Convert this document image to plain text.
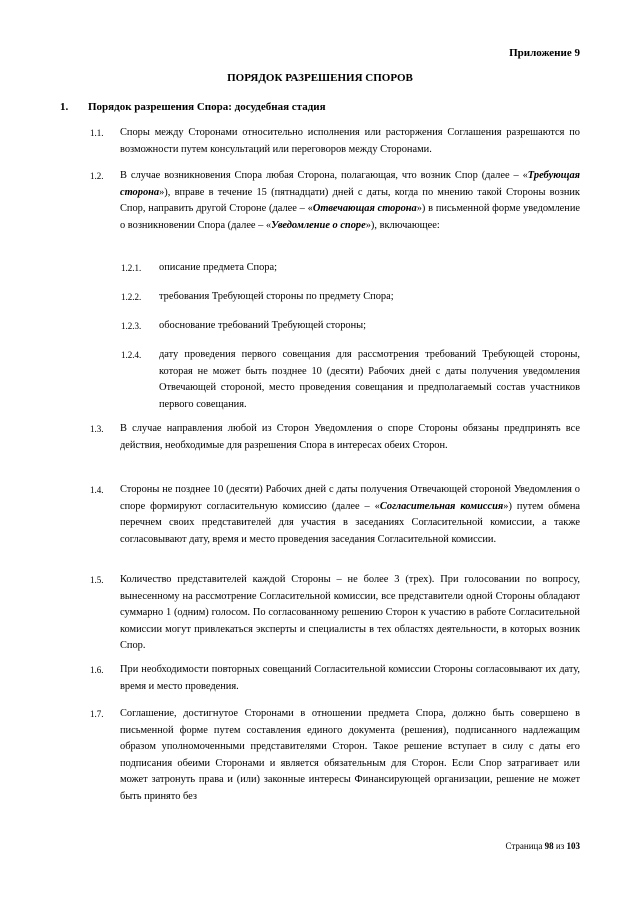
Приложение 9
ПОРЯДОК РАЗРЕШЕНИЯ СПОРОВ
1. Порядок разрешения Спора: досудебная стадия
1.1. Споры между Сторонами относительно исполнения или расторжения Соглашения разрешаются по возможности путем консультаций или переговоров между Сторонами.
1.2. В случае возникновения Спора любая Сторона, полагающая, что возник Спор (далее – «Требующая сторона»), вправе в течение 15 (пятнадцати) дней с даты, когда по мнению такой Стороны возник Спор, направить другой Стороне (далее – «Отвечающая сторона») в письменной форме уведомление о возникновении Спора (далее – «Уведомление о споре»), включающее:
1.2.1. описание предмета Спора;
1.2.2. требования Требующей стороны по предмету Спора;
1.2.3. обоснование требований Требующей стороны;
1.2.4. дату проведения первого совещания для рассмотрения требований Требующей стороны, которая не может быть позднее 10 (десяти) Рабочих дней с даты получения уведомления Отвечающей стороной, место проведения совещания и предполагаемый состав участников первого совещания.
1.3. В случае направления любой из Сторон Уведомления о споре Стороны обязаны предпринять все действия, необходимые для разрешения Спора в интересах обеих Сторон.
1.4. Стороны не позднее 10 (десяти) Рабочих дней с даты получения Отвечающей стороной Уведомления о споре формируют согласительную комиссию (далее – «Согласительная комиссия») путем обмена перечнем своих представителей для участия в заседаниях Согласительной комиссии, а также согласовывают дату, время и место проведения заседания Согласительной комиссии.
1.5. Количество представителей каждой Стороны – не более 3 (трех). При голосовании по вопросу, вынесенному на рассмотрение Согласительной комиссии, все представители одной Стороны обладают суммарно 1 (одним) голосом. По согласованному решению Сторон к участию в работе Согласительной комиссии могут привлекаться эксперты и специалисты в тех областях деятельности, в которых возник Спор.
1.6. При необходимости повторных совещаний Согласительной комиссии Стороны согласовывают их дату, время и место проведения.
1.7. Соглашение, достигнутое Сторонами в отношении предмета Спора, должно быть совершено в письменной форме путем составления единого документа (решения), подписанного надлежащим образом уполномоченными представителями Сторон. Такое решение вступает в силу с даты его подписания обеими Сторонами и является обязательным для Сторон. Если Спор затрагивает или может затронуть права и (или) законные интересы Финансирующей организации, решение не может быть принято без
Страница 98 из 103
